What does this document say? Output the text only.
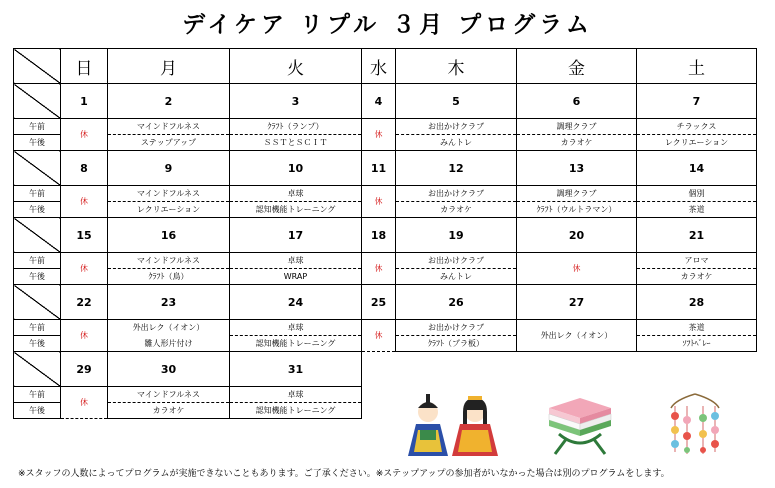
デイケア リプル ３月 プログラム
	日	月	火	水	木	金	土
	1	2	3	4	5	6	7
午前	休	マインドフルネス	ｸﾗﾌﾄ（ランプ）	休	お出かけクラブ	調理クラブ	チラックス
午後		ステップアップ	ＳＳＴとＳＣＩＴ		みんトレ	カラオケ	レクリエーション
	8	9	10	11	12	13	14
午前	休	マインドフルネス	卓球	休	お出かけクラブ	調理クラブ	個別
午後		レクリエーション	認知機能トレーニング		カラオケ	ｸﾗﾌﾄ（ウルトラマン）	茶道
	15	16	17	18	19	20	21
午前	休	マインドフルネス	卓球	休	お出かけクラブ	休	アロマ
午後		ｸﾗﾌﾄ（鳥）	WRAP		みんトレ		カラオケ
	22	23	24	25	26	27	28
午前	休	外出レク（イオン）	卓球	休	お出かけクラブ	外出レク（イオン）	茶道
午後		雛人形片付け	認知機能トレーニング		ｸﾗﾌﾄ（プラ板）		ｿﾌﾄﾍﾞﾚｰ
	29	30	31				
午前	休	マインドフルネス	卓球				
午後		カラオケ	認知機能トレーニング				
※スタッフの人数によってプログラムが実施できないこともあります。ご了承ください。※ステップアップの参加者がいなかった場合は別のプログラムをします。
